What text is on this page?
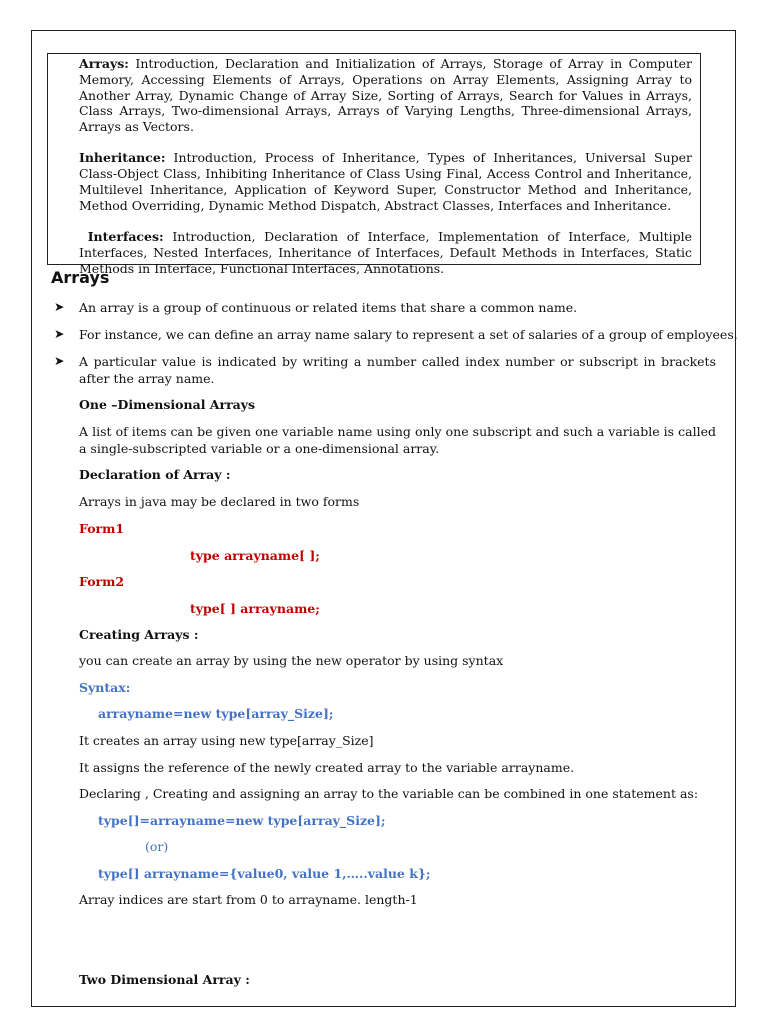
Arrays: Introduction, Declaration and Initialization of Arrays, Storage of Array in Computer Memory, Accessing Elements of Arrays, Operations on Array Elements, Assigning Array to Another Array, Dynamic Change of Array Size, Sorting of Arrays, Search for Values in Arrays, Class Arrays, Two-dimensional Arrays, Arrays of Varying Lengths, Three-dimensional Arrays, Arrays as Vectors.

Inheritance: Introduction, Process of Inheritance, Types of Inheritances, Universal Super Class-Object Class, Inhibiting Inheritance of Class Using Final, Access Control and Inheritance, Multilevel Inheritance, Application of Keyword Super, Constructor Method and Inheritance, Method Overriding, Dynamic Method Dispatch, Abstract Classes, Interfaces and Inheritance.

Interfaces: Introduction, Declaration of Interface, Implementation of Interface, Multiple Interfaces, Nested Interfaces, Inheritance of Interfaces, Default Methods in Interfaces, Static Methods in Interface, Functional Interfaces, Annotations.

Arrays
➤ An array is a group of continuous or related items that share a common name.
➤ For instance, we can define an array name salary to represent a set of salaries of a group of employees.
➤ A particular value is indicated by writing a number called index number or subscript in brackets after the array name.
One –Dimensional Arrays
A list of items can be given one variable name using only one subscript and such a variable is called a single-subscripted variable or a one-dimensional array.
Declaration of Array :
Arrays in java may be declared in two forms
Form1
type arrayname[ ];
Form2
type[ ] arrayname;
Creating Arrays :
you can create an array by using the new operator by using syntax
Syntax:
arrayname=new type[array_Size];
It creates an array using new type[array_Size]
It assigns the reference of the newly created array to the variable arrayname.
Declaring , Creating and assigning an array to the variable can be combined in one statement as:
type[]=arrayname=new type[array_Size];
(or)
type[] arrayname={value0, value 1,…..value k};
Array indices are start from 0 to arrayname. length-1
Two Dimensional Array :
